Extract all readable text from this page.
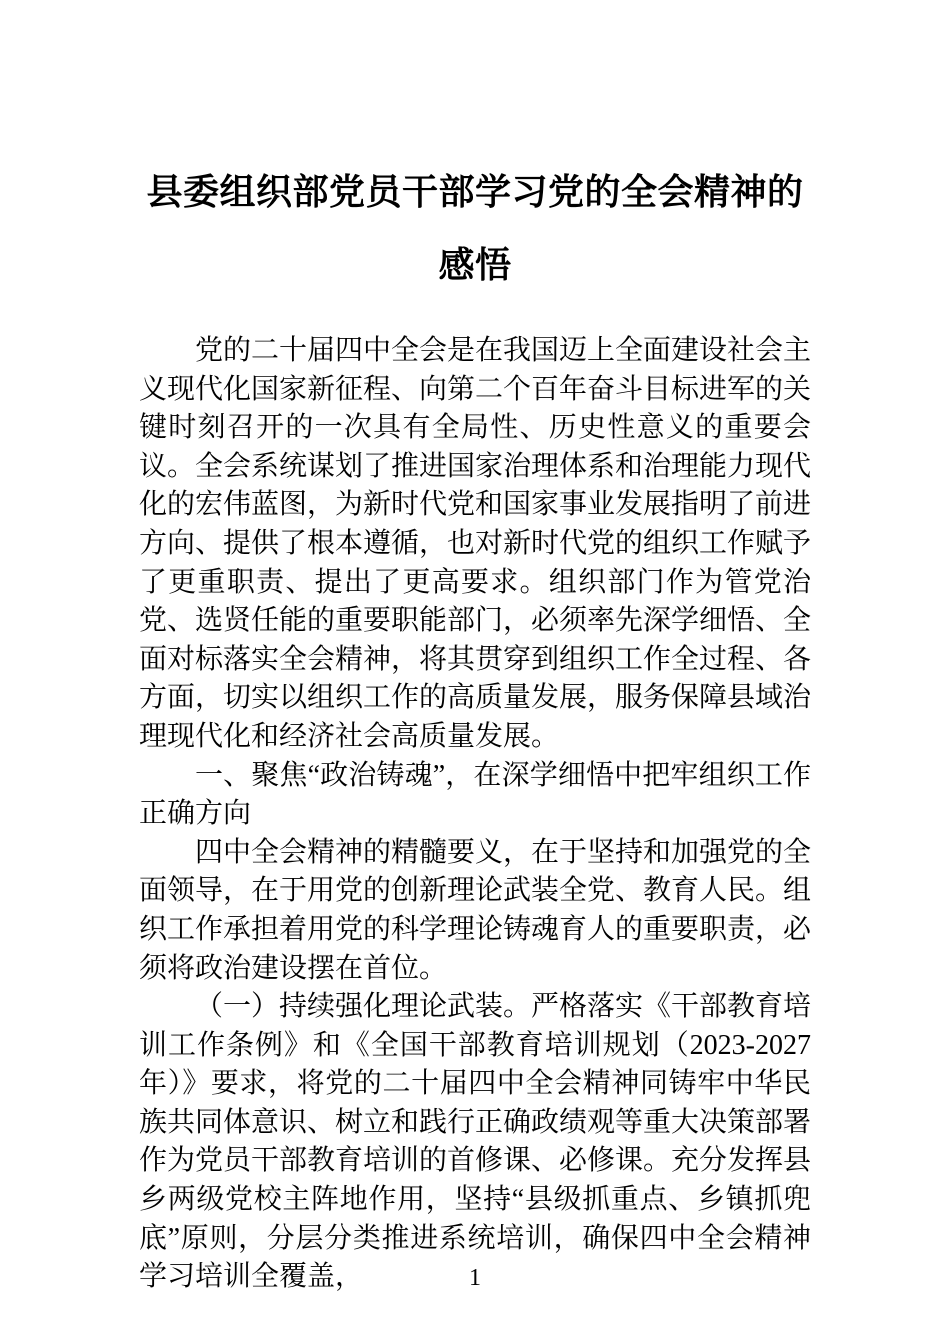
县委组织部党员干部学习党的全会精神的感悟

党的二十届四中全会是在我国迈上全面建设社会主义现代化国家新征程、向第二个百年奋斗目标进军的关键时刻召开的一次具有全局性、历史性意义的重要会议。全会系统谋划了推进国家治理体系和治理能力现代化的宏伟蓝图，为新时代党和国家事业发展指明了前进方向、提供了根本遵循，也对新时代党的组织工作赋予了更重职责、提出了更高要求。组织部门作为管党治党、选贤任能的重要职能部门，必须率先深学细悟、全面对标落实全会精神，将其贯穿到组织工作全过程、各方面，切实以组织工作的高质量发展，服务保障县域治理现代化和经济社会高质量发展。

一、聚焦“政治铸魂”，在深学细悟中把牢组织工作正确方向

四中全会精神的精髓要义，在于坚持和加强党的全面领导，在于用党的创新理论武装全党、教育人民。组织工作承担着用党的科学理论铸魂育人的重要职责，必须将政治建设摆在首位。

（一）持续强化理论武装。严格落实《干部教育培训工作条例》和《全国干部教育培训规划（2023-2027年）》要求，将党的二十届四中全会精神同铸牢中华民族共同体意识、树立和践行正确政绩观等重大决策部署作为党员干部教育培训的首修课、必修课。充分发挥县乡两级党校主阵地作用，坚持“县级抓重点、乡镇抓兜底”原则，分层分类推进系统培训，确保四中全会精神学习培训全覆盖，	1
